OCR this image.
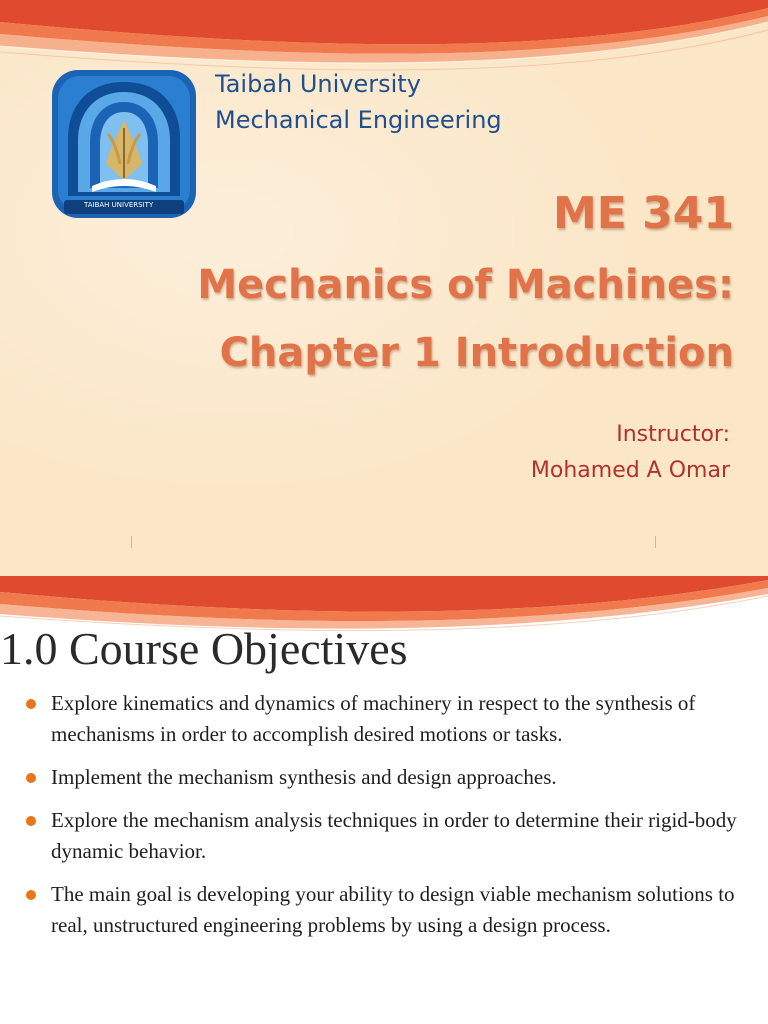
TAIBAH UNIVERSITY
Taibah University
Mechanical Engineering
ME 341
Mechanics of Machines:
Chapter 1 Introduction
Instructor:
Mohamed A Omar
1.0 Course Objectives
Explore kinematics and dynamics of machinery in respect to the synthesis of mechanisms in order to accomplish desired motions or tasks.
Implement the mechanism synthesis and design approaches.
Explore the mechanism analysis techniques in order to determine their rigid-body dynamic behavior.
The main goal is developing your ability to design viable mechanism solutions to real, unstructured engineering problems by using a design process.
